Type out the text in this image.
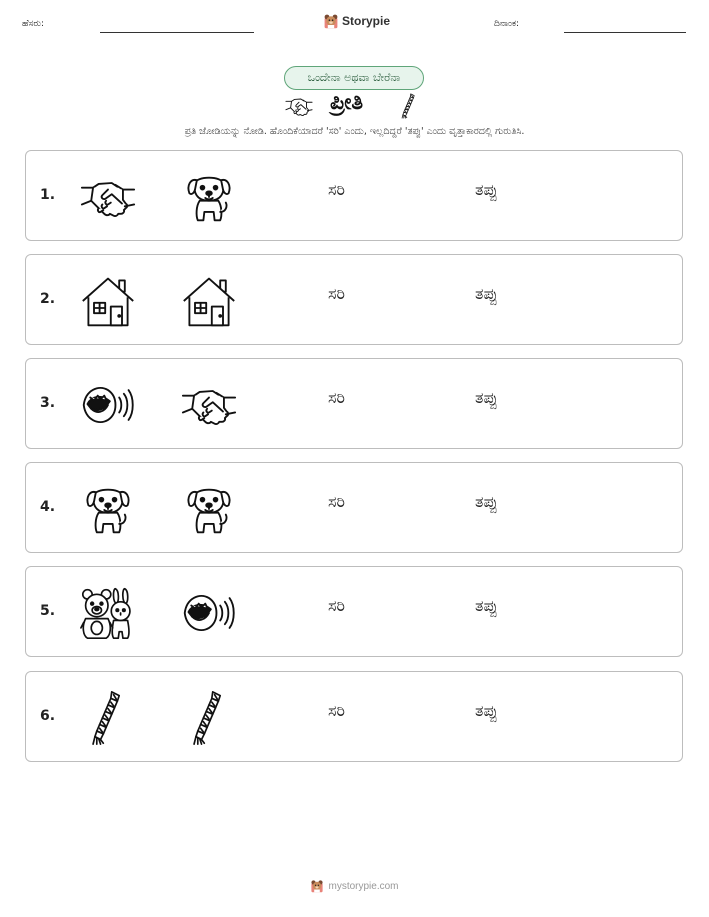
ಹೆಸರು:	Storypie	ದಿನಾಂಕ:
ಒಂದೇನಾ ಅಥವಾ ಬೇರೆನಾ
ಪ್ರೀತಿ
ಪ್ರತಿ ಜೋಡಿಯನ್ನು ನೋಡಿ. ಹೊಂದಿಕೆಯಾದರೆ 'ಸರಿ' ಎಂದು, ಇಲ್ಲದಿದ್ದರೆ 'ತಪ್ಪು' ಎಂದು ವೃತ್ತಾಕಾರದಲ್ಲಿ ಗುರುತಿಸಿ.
1.	ಸರಿ	ತಪ್ಪು
2.	ಸರಿ	ತಪ್ಪು
3.	ಸರಿ	ತಪ್ಪು
4.	ಸರಿ	ತಪ್ಪು
5.	ಸರಿ	ತಪ್ಪು
6.	ಸರಿ	ತಪ್ಪು
mystorypie.com
